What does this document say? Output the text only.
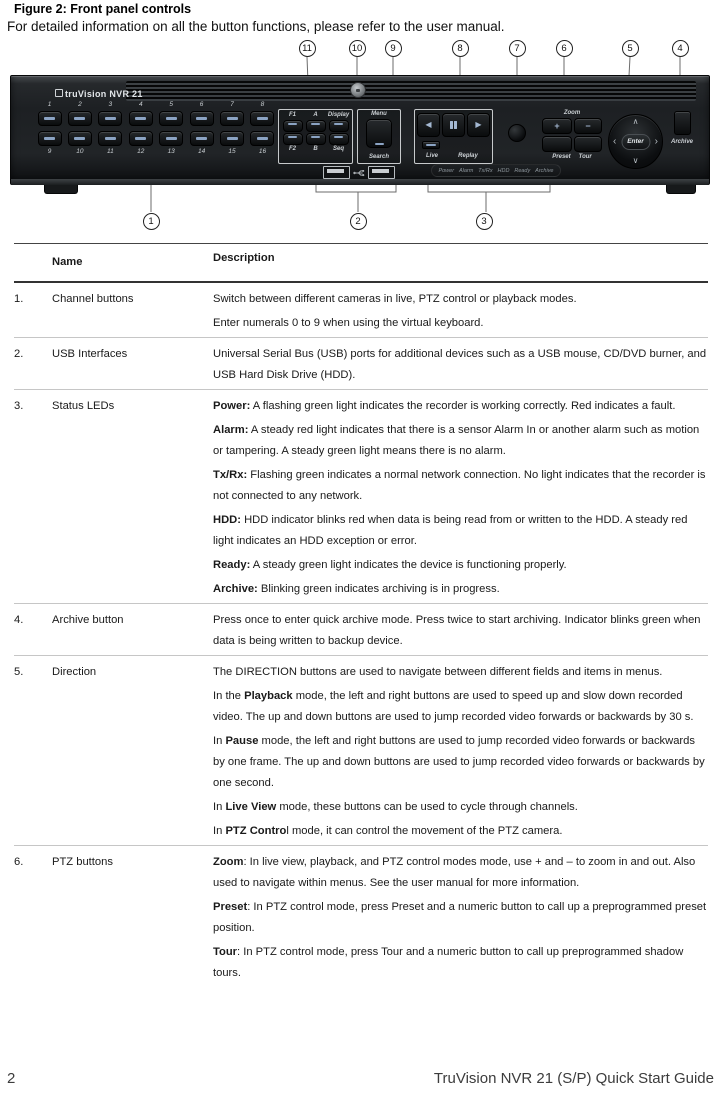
Figure 2: Front panel controls
For detailed information on all the button functions, please refer to the user manual.
truVision NVR 21
1	2	3	4	5	6	7	8
9	10	11	12	13	14	15	16
F1	A	Display
F2	B	Seq
Menu
Search
◀	▶
Live	Replay
Zoom
+	−
Preset Tour
∧
∨
‹	›
Enter	Archive
Power Alarm Tx/Rx HDD Ready Archive
11	10	9	8	7	6	5	4
1	2	3
Name	Description
1.	Channel buttons	Switch between different cameras in live, PTZ control or playback modes.

Enter numerals 0 to 9 when using the virtual keyboard.

2.	USB Interfaces	Universal Serial Bus (USB) ports for additional devices such as a USB mouse, CD/DVD burner, and USB Hard Disk Drive (HDD).

3.	Status LEDs	Power: A flashing green light indicates the recorder is working correctly. Red indicates a fault.

Alarm: A steady red light indicates that there is a sensor Alarm In or another alarm such as motion or tampering. A steady green light means there is no alarm.

Tx/Rx: Flashing green indicates a normal network connection. No light indicates that the recorder is not connected to any network.

HDD: HDD indicator blinks red when data is being read from or written to the HDD. A steady red light indicates an HDD exception or error.

Ready: A steady green light indicates the device is functioning properly.

Archive: Blinking green indicates archiving is in progress.

4.	Archive button	Press once to enter quick archive mode. Press twice to start archiving. Indicator blinks green when data is being written to backup device.

5.	Direction	The DIRECTION buttons are used to navigate between different fields and items in menus.

In the Playback mode, the left and right buttons are used to speed up and slow down recorded video. The up and down buttons are used to jump recorded video forwards or backwards by 30 s.

In Pause mode, the left and right buttons are used to jump recorded video forwards or backwards by one frame. The up and down buttons are used to jump recorded video forwards or backwards by one second.

In Live View mode, these buttons can be used to cycle through channels.

In PTZ Control mode, it can control the movement of the PTZ camera.

6.	PTZ buttons	Zoom: In live view, playback, and PTZ control modes mode, use + and – to zoom in and out. Also used to navigate within menus. See the user manual for more information.

Preset: In PTZ control mode, press Preset and a numeric button to call up a preprogrammed preset position.

Tour: In PTZ control mode, press Tour and a numeric button to call up preprogrammed shadow tours.

2	TruVision NVR 21 (S/P) Quick Start Guide
